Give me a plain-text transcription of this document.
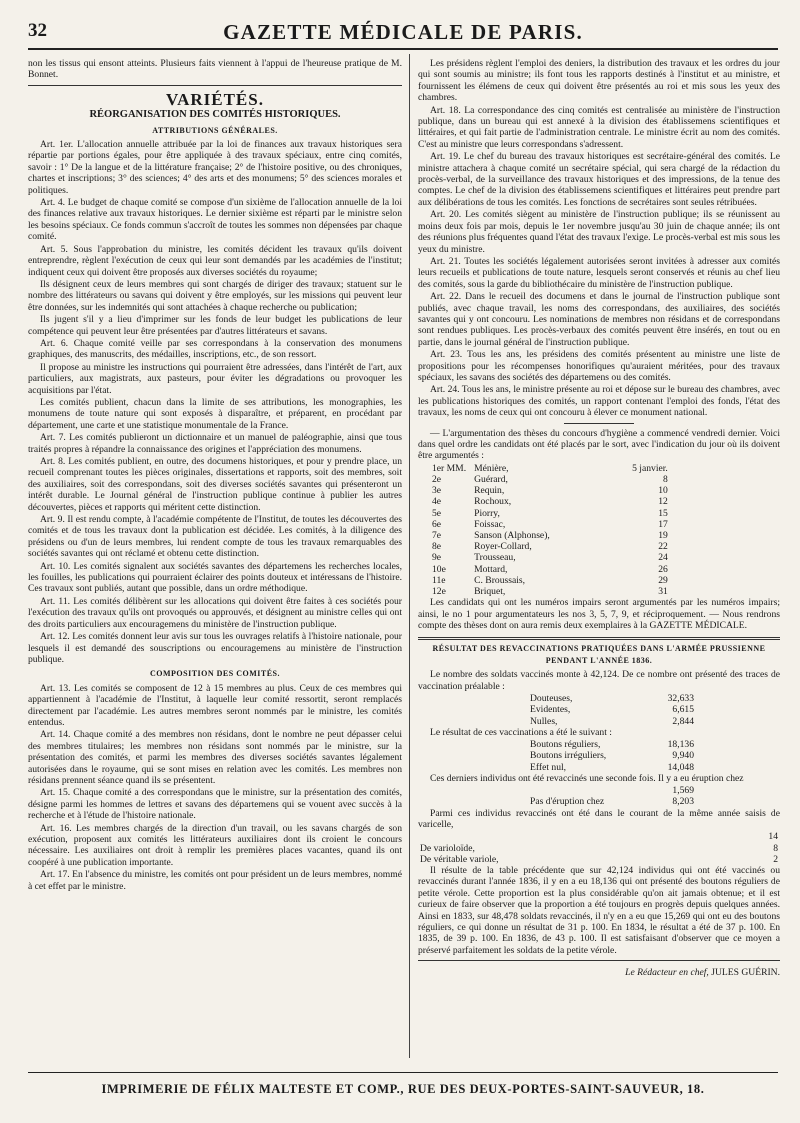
32	GAZETTE MÉDICALE DE PARIS.

non les tissus qui ensont atteints. Plusieurs faits viennent à l'appui de l'heureuse pratique de M. Bonnet.

VARIÉTÉS.
RÉORGANISATION DES COMITÉS HISTORIQUES.
ATTRIBUTIONS GÉNÉRALES.

Art. 1er. L'allocation annuelle attribuée par la loi de finances aux travaux historiques sera répartie par portions égales, pour être appliquée à des travaux spéciaux, entre cinq comités, savoir : 1° De la langue et de la littérature française; 2° de l'histoire positive, ou des chroniques, chartes et inscriptions; 3° des sciences; 4° des arts et des monumens; 5° des sciences morales et politiques.

Art. 4. Le budget de chaque comité se compose d'un sixième de l'allocation annuelle de la loi des finances relative aux travaux historiques. Le dernier sixième est réparti par le ministre selon les besoins spéciaux. Ce fonds commun s'accroît de toutes les sommes non dépensées par chaque comité.

Art. 5. Sous l'approbation du ministre, les comités décident les travaux qu'ils doivent entreprendre, règlent l'exécution de ceux qui leur sont demandés par les académies de l'institut; indiquent ceux qui doivent être proposés aux diverses sociétés du royaume;

Ils désignent ceux de leurs membres qui sont chargés de diriger des travaux; statuent sur le nombre des littérateurs ou savans qui doivent y être employés, sur les missions qui peuvent leur être données, sur les indemnités qui sont attachées à chaque recherche ou publication;

Ils jugent s'il y a lieu d'imprimer sur les fonds de leur budget les publications de leur compétence qui peuvent leur être présentées par d'autres littérateurs et savans.

Art. 6. Chaque comité veille par ses correspondans à la conservation des monumens graphiques, des manuscrits, des médailles, inscriptions, etc., de son ressort.

Il propose au ministre les instructions qui pourraient être adressées, dans l'intérêt de l'art, aux particuliers, aux magistrats, aux pasteurs, pour éviter les dégradations ou provoquer les acquisitions par l'état.

Les comités publient, chacun dans la limite de ses attributions, les monographies, les monumens de toute nature qui sont exposés à disparaître, et préparent, en procédant par département, une carte et une statistique monumentale de la France.

Art. 7. Les comités publieront un dictionnaire et un manuel de paléographie, ainsi que tous traités propres à répandre la connaissance des origines et l'appréciation des monumens.

Art. 8. Les comités publient, en outre, des documens historiques, et pour y prendre place, un recueil comprenant toutes les pièces originales, dissertations et rapports, soit des membres, soit des auxiliaires, soit des correspondans, soit des diverses sociétés savantes qui présenteront un intérêt durable. Le Journal général de l'instruction publique continue à publier les autres découvertes, pièces et rapports qui méritent cette distinction.

Art. 9. Il est rendu compte, à l'académie compétente de l'Institut, de toutes les découvertes des comités et de tous les travaux dont la publication est décidée. Les comités, à la diligence des présidens ou d'un de leurs membres, lui rendent compte de tous les travaux remarquables des sociétés savantes qui ont réclamé et obtenu cette distinction.

Art. 10. Les comités signalent aux sociétés savantes des départemens les recherches locales, les fouilles, les publications qui pourraient éclairer des points douteux et intéressans de l'histoire. Ces travaux sont publiés, autant que possible, dans un ordre méthodique.

Art. 11. Les comités délibèrent sur les allocations qui doivent être faites à ces sociétés pour l'exécution des travaux qu'ils ont provoqués ou approuvés, et désignent au ministre celles qui ont des droits particuliers aux encouragemens du ministère de l'instruction publique.

Art. 12. Les comités donnent leur avis sur tous les ouvrages relatifs à l'histoire nationale, pour lesquels il est demandé des souscriptions ou encouragemens au ministère de l'instruction publique.

COMPOSITION DES COMITÉS.

Art. 13. Les comités se composent de 12 à 15 membres au plus. Ceux de ces membres qui appartiennent à l'académie de l'Institut, à laquelle leur comité ressortit, seront remplacés directement par l'académie. Les autres membres seront nommés par le ministre, les comités entendus.

Art. 14. Chaque comité a des membres non résidans, dont le nombre ne peut dépasser celui des membres titulaires; les membres non résidans sont nommés par le ministre, sur la présentation des comités, et parmi les membres des diverses sociétés savantes légalement autorisées dans le royaume, qui se sont mises en relation avec les comités. Les membres non résidans prennent séance quand ils se présentent.

Art. 15. Chaque comité a des correspondans que le ministre, sur la présentation des comités, désigne parmi les hommes de lettres et savans des départemens qui se vouent avec succès à la recherche et à l'étude de l'histoire nationale.

Art. 16. Les membres chargés de la direction d'un travail, ou les savans chargés de son exécution, proposent aux comités les littérateurs auxiliaires dont ils croient le concours nécessaire. Les auxiliaires ont droit à remplir les premières places vacantes, quand ils ont coopéré à une publication importante.

Art. 17. En l'absence du ministre, les comités ont pour président un de leurs membres, nommé à cet effet par le ministre.

Les présidens règlent l'emploi des deniers, la distribution des travaux et les ordres du jour qui sont soumis au ministre; ils font tous les rapports destinés à l'institut et au ministre, et fournissent les élémens de ceux qui doivent être présentés au roi et mis sous les yeux des chambres.

Art. 18. La correspondance des cinq comités est centralisée au ministère de l'instruction publique, dans un bureau qui est annexé à la division des établissemens scientifiques et littéraires, et qui fait partie de l'administration centrale. Le ministre écrit au nom des comités. C'est au ministre que leurs correspondans s'adressent.

Art. 19. Le chef du bureau des travaux historiques est secrétaire-général des comités. Le ministre attachera à chaque comité un secrétaire spécial, qui sera chargé de la rédaction du procès-verbal, de la surveillance des travaux historiques et des impressions, de la tenue des comptes. Le chef de la division des établissemens scientifiques et littéraires peut prendre part aux délibérations de tous les comités. Les fonctions de secrétaires sont seules rétribuées.

Art. 20. Les comités siègent au ministère de l'instruction publique; ils se réunissent au moins deux fois par mois, depuis le 1er novembre jusqu'au 30 juin de chaque année; ils ont des réunions plus fréquentes quand l'état des travaux l'exige. Le procès-verbal est mis sous les yeux du ministre.

Art. 21. Toutes les sociétés légalement autorisées seront invitées à adresser aux comités leurs recueils et publications de toute nature, lesquels seront conservés et réunis au chef lieu des comités, sous la garde du bibliothécaire du ministère de l'instruction publique.

Art. 22. Dans le recueil des documens et dans le journal de l'instruction publique sont publiés, avec chaque travail, les noms des correspondans, des auxiliaires, des sociétés savantes qui y ont concouru. Les nominations de membres non résidans et de correspondans sont rendues publiques. Les procès-verbaux des comités peuvent être insérés, en tout ou en partie, dans le journal général de l'instruction publique.

Art. 23. Tous les ans, les présidens des comités présentent au ministre une liste de propositions pour les récompenses honorifiques qu'auraient méritées, pour des travaux spéciaux, les savans des sociétés des départemens ou des comités.

Art. 24. Tous les ans, le ministre présente au roi et dépose sur le bureau des chambres, avec les publications historiques des comités, un rapport contenant l'emploi des fonds, l'état des travaux, les noms de ceux qui ont concouru à élever ce monument national.

— L'argumentation des thèses du concours d'hygiène a commencé vendredi dernier. Voici dans quel ordre les candidats ont été placés par le sort, avec l'indication du jour où ils doivent être argumentés :

1er MM.	Ménière,	5 janvier.
2e	Guérard,	8
3e	Requin,	10
4e	Rochoux,	12
5e	Piorry,	15
6e	Foissac,	17
7e	Sanson (Alphonse),	19
8e	Royer-Collard,	22
9e	Trousseau,	24
10e	Mottard,	26
11e	C. Broussais,	29
12e	Briquet,	31

Les candidats qui ont les numéros impairs seront argumentés par les numéros impairs; ainsi, le no 1 pour argumentateurs les nos 3, 5, 7, 9, et réciproquement. — Nous rendrons compte des thèses dont on aura remis deux exemplaires à la GAZETTE MÉDICALE.

RÉSULTAT DES REVACCINATIONS PRATIQUÉES DANS L'ARMÉE PRUSSIENNE PENDANT L'ANNÉE 1836.

Le nombre des soldats vaccinés monte à 42,124. De ce nombre ont présenté des traces de vaccination préalable :

Douteuses,	32,633
Evidentes,	6,615
Nulles,	2,844

Le résultat de ces vaccinations a été le suivant :

Boutons réguliers,	18,136
Boutons irréguliers,	9,940
Effet nul,	14,048

Ces derniers individus ont été revaccinés une seconde fois. Il y a eu éruption chez

	1,569
Pas d'éruption chez	8,203

Parmi ces individus revaccinés ont été dans le courant de la même année saisis de varicelle,

	14
De varioloïde,	8
De véritable variole,	2

Il résulte de la table précédente que sur 42,124 individus qui ont été vaccinés ou revaccinés durant l'année 1836, il y en a eu 18,136 qui ont présenté des boutons réguliers de petite vérole. Cette proportion est la plus considérable qu'on ait jamais obtenue; et il est curieux de faire observer que la proportion a été toujours en progrès depuis quelques années. Ainsi en 1833, sur 48,478 soldats revaccinés, il n'y en a eu que 15,269 qui ont eu des boutons réguliers, ce qui donne un résultat de 31 p. 100. En 1834, le résultat a été de 37 p. 100. En 1835, de 39 p. 100. En 1836, de 43 p. 100. Il est satisfaisant d'observer que ce moyen a préservé parfaitement les soldats de la petite vérole.

Le Rédacteur en chef, JULES GUÉRIN.
IMPRIMERIE DE FÉLIX MALTESTE ET COMP., RUE DES DEUX-PORTES-SAINT-SAUVEUR, 18.
